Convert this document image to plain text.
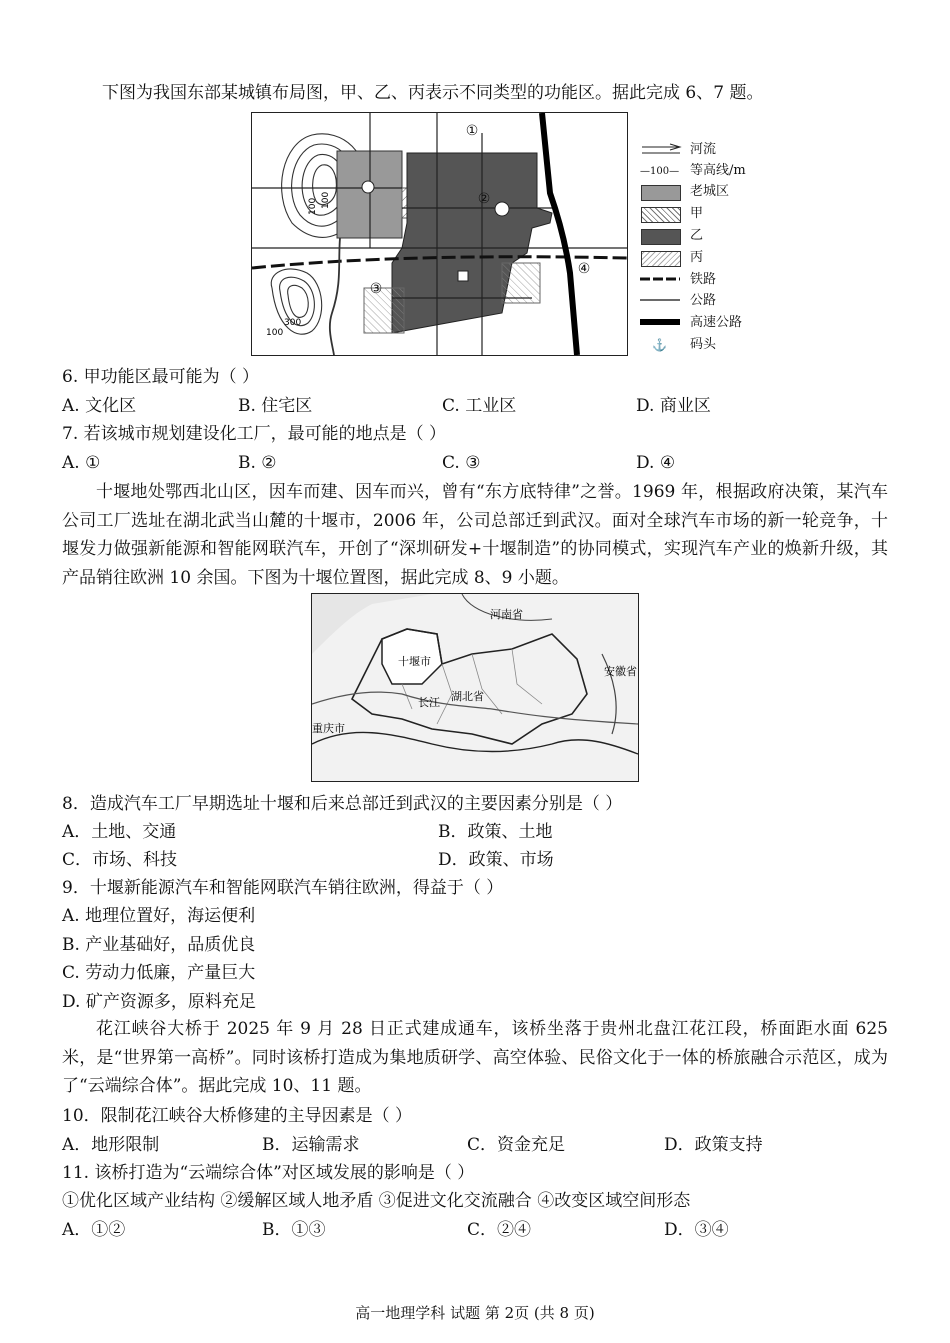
下图为我国东部某城镇布局图，甲、乙、丙表示不同类型的功能区。据此完成 6、7 题。
①
②
③
④
100 100
300
100
河流
—100— 等高线/m
老城区
甲
乙
丙
铁路
公路
高速公路
⚓ 码头
6. 甲功能区最可能为（ ）
A. 文化区	B. 住宅区	C. 工业区	D. 商业区
7. 若该城市规划建设化工厂，最可能的地点是（ ）
A. ①	B. ②	C. ③	D. ④
十堰地处鄂西北山区，因车而建、因车而兴，曾有“东方底特律”之誉。1969 年，根据政府决策，某汽车公司工厂选址在湖北武当山麓的十堰市，2006 年，公司总部迁到武汉。面对全球汽车市场的新一轮竞争，十堰发力做强新能源和智能网联汽车，开创了“深圳研发+十堰制造”的协同模式，实现汽车产业的焕新升级，其产品销往欧洲 10 余国。下图为十堰位置图，据此完成 8、9 小题。
河南省
安徽省
十堰市
湖北省
长江
重庆市
8．造成汽车工厂早期选址十堰和后来总部迁到武汉的主要因素分别是（ ）
A．土地、交通	B．政策、土地
C．市场、科技	D．政策、市场
9．十堰新能源汽车和智能网联汽车销往欧洲，得益于（ ）
A. 地理位置好，海运便利
B. 产业基础好，品质优良
C. 劳动力低廉，产量巨大
D. 矿产资源多，原料充足
花江峡谷大桥于 2025 年 9 月 28 日正式建成通车，该桥坐落于贵州北盘江花江段，桥面距水面 625 米，是“世界第一高桥”。同时该桥打造成为集地质研学、高空体验、民俗文化于一体的桥旅融合示范区，成为了“云端综合体”。据此完成 10、11 题。
10．限制花江峡谷大桥修建的主导因素是（ ）
A．地形限制	B．运输需求	C．资金充足	D．政策支持
11. 该桥打造为“云端综合体”对区域发展的影响是（ ）
①优化区域产业结构 ②缓解区域人地矛盾 ③促进文化交流融合 ④改变区域空间形态
A．①②	B．①③	C．②④	D．③④
高一地理学科 试题 第 2页 (共 8 页)
